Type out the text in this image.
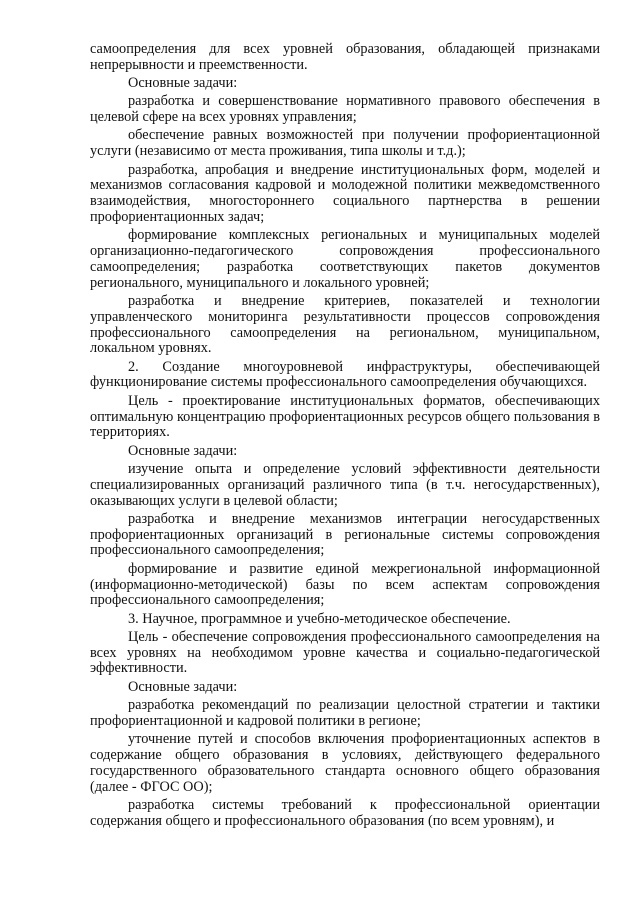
самоопределения для всех уровней образования, обладающей признаками непрерывности и преемственности.

Основные задачи:

разработка и совершенствование нормативного правового обеспечения в целевой сфере на всех уровнях управления;

обеспечение равных возможностей при получении профориентационной услуги (независимо от места проживания, типа школы и т.д.);

разработка, апробация и внедрение институциональных форм, моделей и механизмов согласования кадровой и молодежной политики межведомственного взаимодействия, многостороннего социального партнерства в решении профориентационных задач;

формирование комплексных региональных и муниципальных моделей организационно-педагогического сопровождения профессионального самоопределения; разработка соответствующих пакетов документов регионального, муниципального и локального уровней;

разработка и внедрение критериев, показателей и технологии управленческого мониторинга результативности процессов сопровождения профессионального самоопределения на региональном, муниципальном, локальном уровнях.

2. Создание многоуровневой инфраструктуры, обеспечивающей функционирование системы профессионального самоопределения обучающихся.

Цель - проектирование институциональных форматов, обеспечивающих оптимальную концентрацию профориентационных ресурсов общего пользования в территориях.

Основные задачи:

изучение опыта и определение условий эффективности деятельности специализированных организаций различного типа (в т.ч. негосударственных), оказывающих услуги в целевой области;

разработка и внедрение механизмов интеграции негосударственных профориентационных организаций в региональные системы сопровождения профессионального самоопределения;

формирование и развитие единой межрегиональной информационной (информационно-методической) базы по всем аспектам сопровождения профессионального самоопределения;

3. Научное, программное и учебно-методическое обеспечение.

Цель - обеспечение сопровождения профессионального самоопределения на всех уровнях на необходимом уровне качества и социально-педагогической эффективности.

Основные задачи:

разработка рекомендаций по реализации целостной стратегии и тактики профориентационной и кадровой политики в регионе;

уточнение путей и способов включения профориентационных аспектов в содержание общего образования в условиях, действующего федерального государственного образовательного стандарта основного общего образования (далее - ФГОС ОО);

разработка системы требований к профессиональной ориентации содержания общего и профессионального образования (по всем уровням), и
